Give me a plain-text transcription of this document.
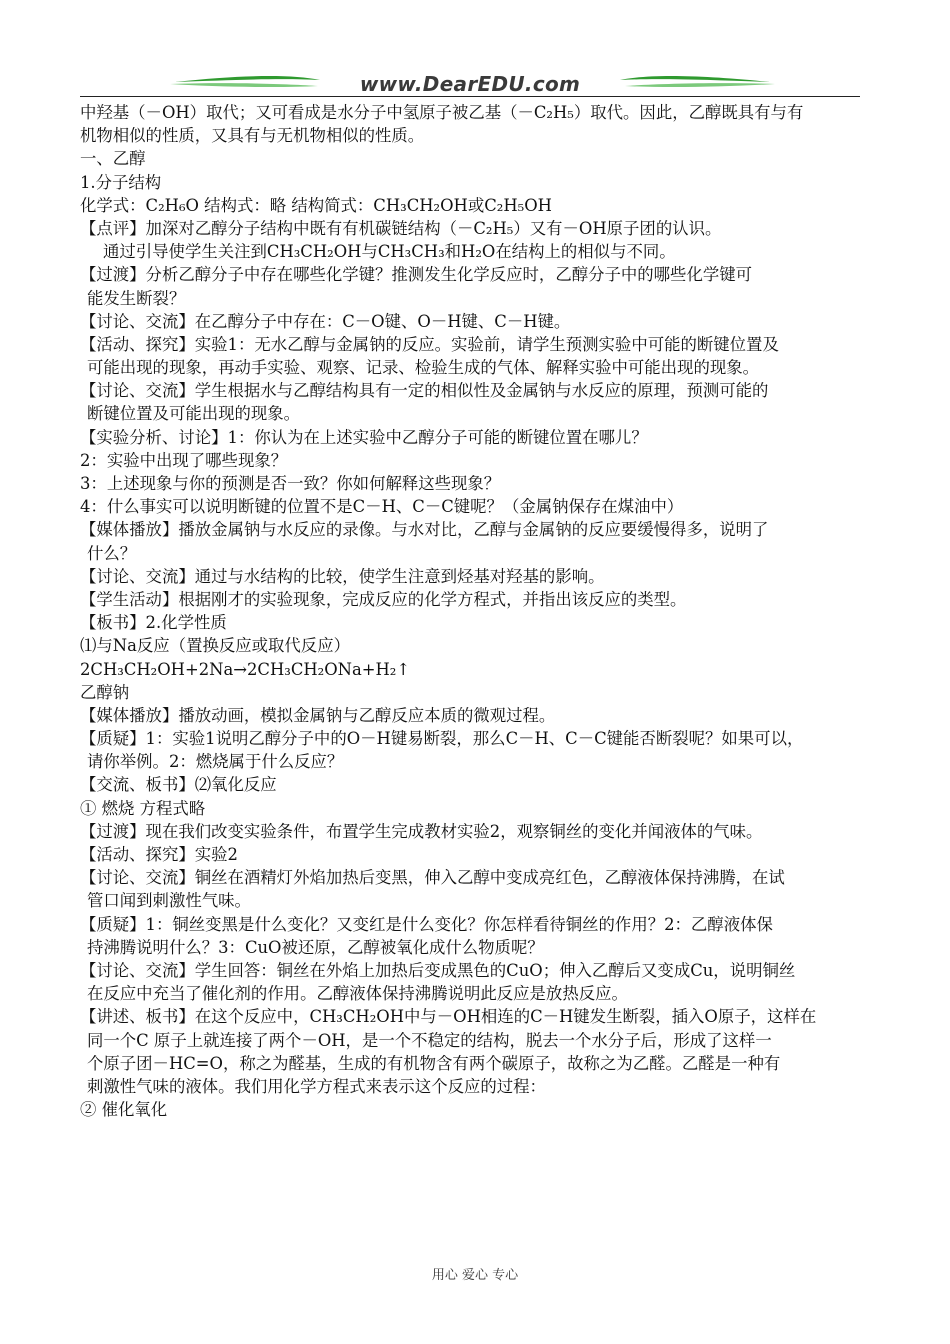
www.DearEDU.com
中羟基（－OH）取代；又可看成是水分子中氢原子被乙基（－C₂H₅）取代。因此，乙醇既具有与有
机物相似的性质，又具有与无机物相似的性质。
一、乙醇
1.分子结构
化学式：C₂H₆O 结构式：略 结构简式：CH₃CH₂OH或C₂H₅OH
【点评】加深对乙醇分子结构中既有有机碳链结构（－C₂H₅）又有－OH原子团的认识。
通过引导使学生关注到CH₃CH₂OH与CH₃CH₃和H₂O在结构上的相似与不同。
【过渡】分析乙醇分子中存在哪些化学键？推测发生化学反应时，乙醇分子中的哪些化学键可
能发生断裂？
【讨论、交流】在乙醇分子中存在：C－O键、O－H键、C－H键。
【活动、探究】实验1：无水乙醇与金属钠的反应。实验前，请学生预测实验中可能的断键位置及
可能出现的现象，再动手实验、观察、记录、检验生成的气体、解释实验中可能出现的现象。
【讨论、交流】学生根据水与乙醇结构具有一定的相似性及金属钠与水反应的原理，预测可能的
断键位置及可能出现的现象。
【实验分析、讨论】1：你认为在上述实验中乙醇分子可能的断键位置在哪儿？
2：实验中出现了哪些现象？
3：上述现象与你的预测是否一致？你如何解释这些现象？
4：什么事实可以说明断键的位置不是C－H、C－C键呢？（金属钠保存在煤油中）
【媒体播放】播放金属钠与水反应的录像。与水对比，乙醇与金属钠的反应要缓慢得多，说明了
什么？
【讨论、交流】通过与水结构的比较，使学生注意到烃基对羟基的影响。
【学生活动】根据刚才的实验现象，完成反应的化学方程式，并指出该反应的类型。
【板书】2.化学性质
⑴与Na反应（置换反应或取代反应）
2CH₃CH₂OH+2Na→2CH₃CH₂ONa+H₂↑
乙醇钠
【媒体播放】播放动画，模拟金属钠与乙醇反应本质的微观过程。
【质疑】1：实验1说明乙醇分子中的O－H键易断裂，那么C－H、C－C键能否断裂呢？如果可以，
请你举例。2：燃烧属于什么反应？
【交流、板书】⑵氧化反应
① 燃烧 方程式略
【过渡】现在我们改变实验条件，布置学生完成教材实验2，观察铜丝的变化并闻液体的气味。
【活动、探究】实验2
【讨论、交流】铜丝在酒精灯外焰加热后变黑，伸入乙醇中变成亮红色，乙醇液体保持沸腾，在试
管口闻到刺激性气味。
【质疑】1：铜丝变黑是什么变化？又变红是什么变化？你怎样看待铜丝的作用？2：乙醇液体保
持沸腾说明什么？3：CuO被还原，乙醇被氧化成什么物质呢？
【讨论、交流】学生回答：铜丝在外焰上加热后变成黑色的CuO；伸入乙醇后又变成Cu，说明铜丝
在反应中充当了催化剂的作用。乙醇液体保持沸腾说明此反应是放热反应。
【讲述、板书】在这个反应中，CH₃CH₂OH中与－OH相连的C－H键发生断裂，插入O原子，这样在
同一个C 原子上就连接了两个－OH，是一个不稳定的结构，脱去一个水分子后，形成了这样一
个原子团－HC=O，称之为醛基，生成的有机物含有两个碳原子，故称之为乙醛。乙醛是一种有
刺激性气味的液体。我们用化学方程式来表示这个反应的过程：
② 催化氧化
用心 爱心 专心
